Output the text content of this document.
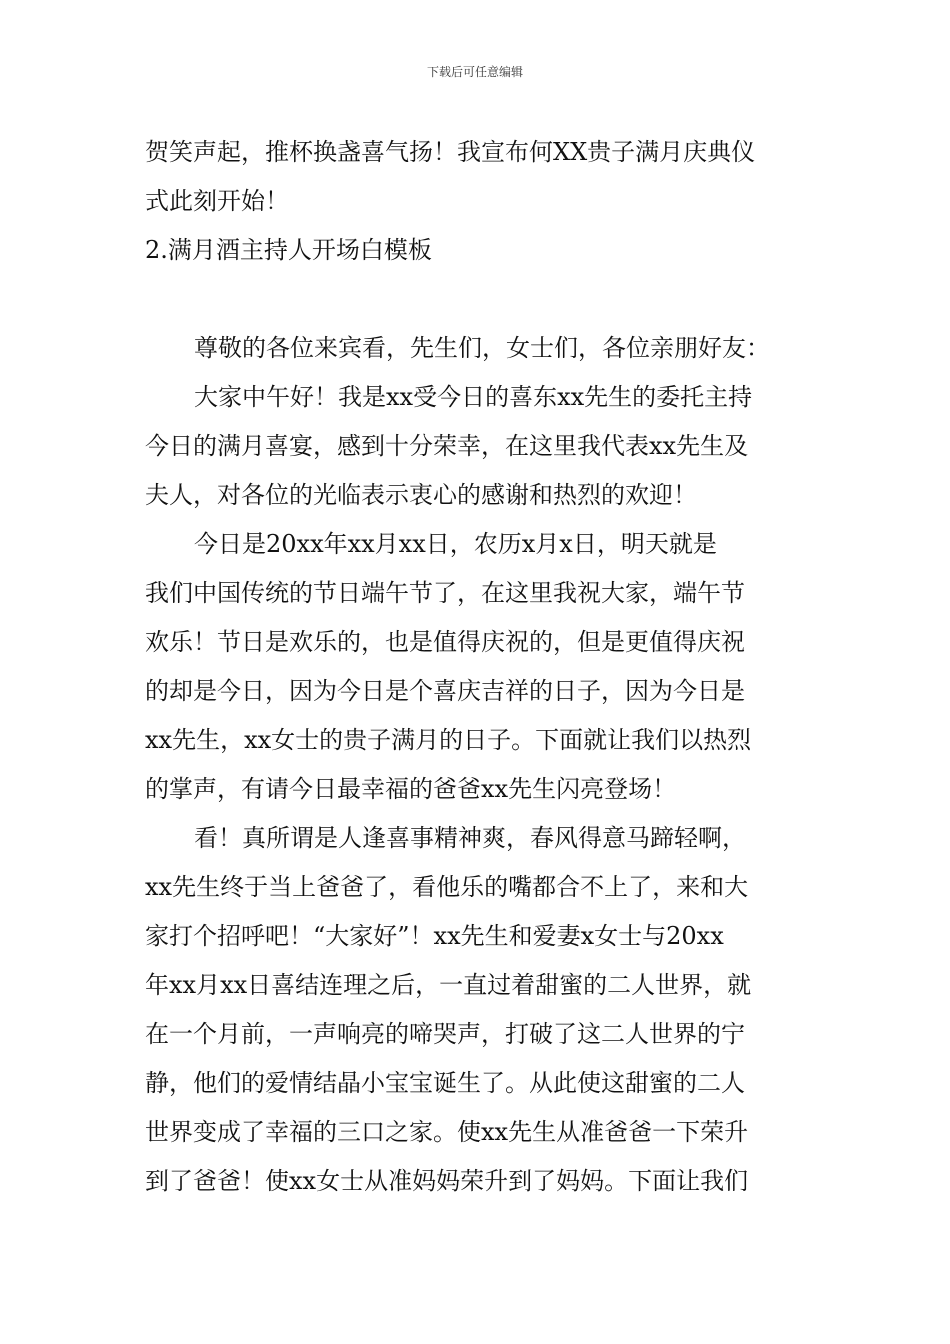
下载后可任意编辑
贺笑声起，推杯换盏喜气扬！我宣布何XX贵子满月庆典仪
式此刻开始！
2.满月酒主持人开场白模板
尊敬的各位来宾看，先生们，女士们，各位亲朋好友：
大家中午好！我是xx受今日的喜东xx先生的委托主持
今日的满月喜宴，感到十分荣幸，在这里我代表xx先生及
夫人，对各位的光临表示衷心的感谢和热烈的欢迎！
今日是20xx年xx月xx日，农历x月x日，明天就是
我们中国传统的节日端午节了，在这里我祝大家，端午节
欢乐！节日是欢乐的，也是值得庆祝的，但是更值得庆祝
的却是今日，因为今日是个喜庆吉祥的日子，因为今日是
xx先生，xx女士的贵子满月的日子。下面就让我们以热烈
的掌声，有请今日最幸福的爸爸xx先生闪亮登场！
看！真所谓是人逢喜事精神爽，春风得意马蹄轻啊，
xx先生终于当上爸爸了，看他乐的嘴都合不上了，来和大
家打个招呼吧！“大家好”！xx先生和爱妻x女士与20xx
年xx月xx日喜结连理之后，一直过着甜蜜的二人世界，就
在一个月前，一声响亮的啼哭声，打破了这二人世界的宁
静，他们的爱情结晶小宝宝诞生了。从此使这甜蜜的二人
世界变成了幸福的三口之家。使xx先生从准爸爸一下荣升
到了爸爸！使xx女士从准妈妈荣升到了妈妈。下面让我们
